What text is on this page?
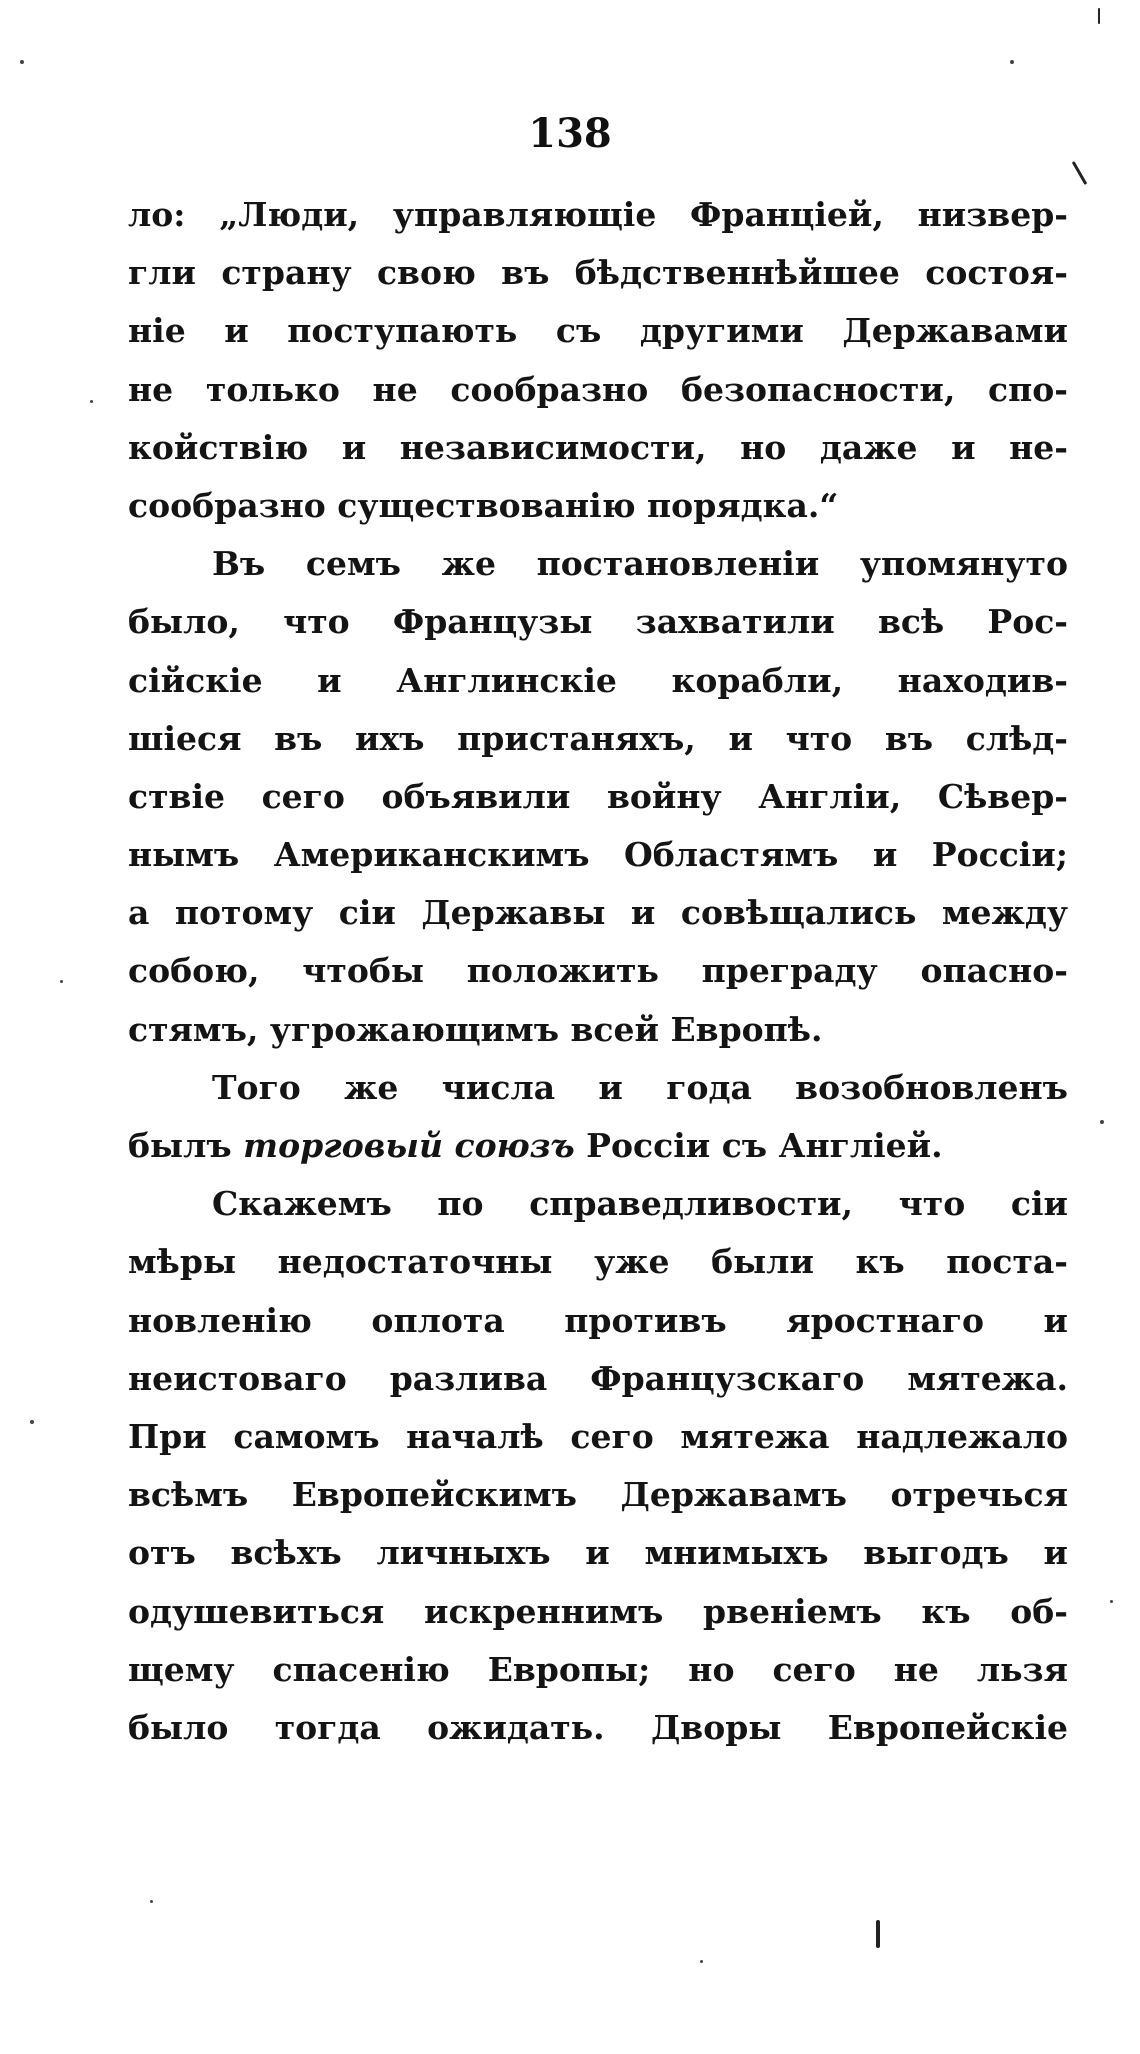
138
ло: „Люди, управляющіе Франціей, низвер-
гли страну свою въ бѣдственнѣйшее состоя-
ніе и поступають съ другими Державами
не только не сообразно безопасности, спо-
койствію и независимости, но даже и не-
сообразно существованію порядка.“
Въ семъ же постановленіи упомянуто
было, что Французы захватили всѣ Рос-
сійскіе и Англинскіе корабли, находив-
шіеся въ ихъ пристаняхъ, и что въ слѣд-
ствіе сего объявили войну Англіи, Сѣвер-
нымъ Американскимъ Областямъ и Россіи;
а потому сіи Державы и совѣщались между
собою, чтобы положить преграду опасно-
стямъ, угрожающимъ всей Европѣ.
Того же числа и года возобновленъ
былъ торговый союзъ Россіи съ Англіей.
Скажемъ по справедливости, что сіи
мѣры недостаточны уже были къ поста-
новленію оплота противъ яростнаго и
неистоваго разлива Французскаго мятежа.
При самомъ началѣ сего мятежа надлежало
всѣмъ Европейскимъ Державамъ отречься
отъ всѣхъ личныхъ и мнимыхъ выгодъ и
одушевиться искреннимъ рвеніемъ къ об-
щему спасенію Европы; но сего не льзя
было тогда ожидать. Дворы Европейскіе
